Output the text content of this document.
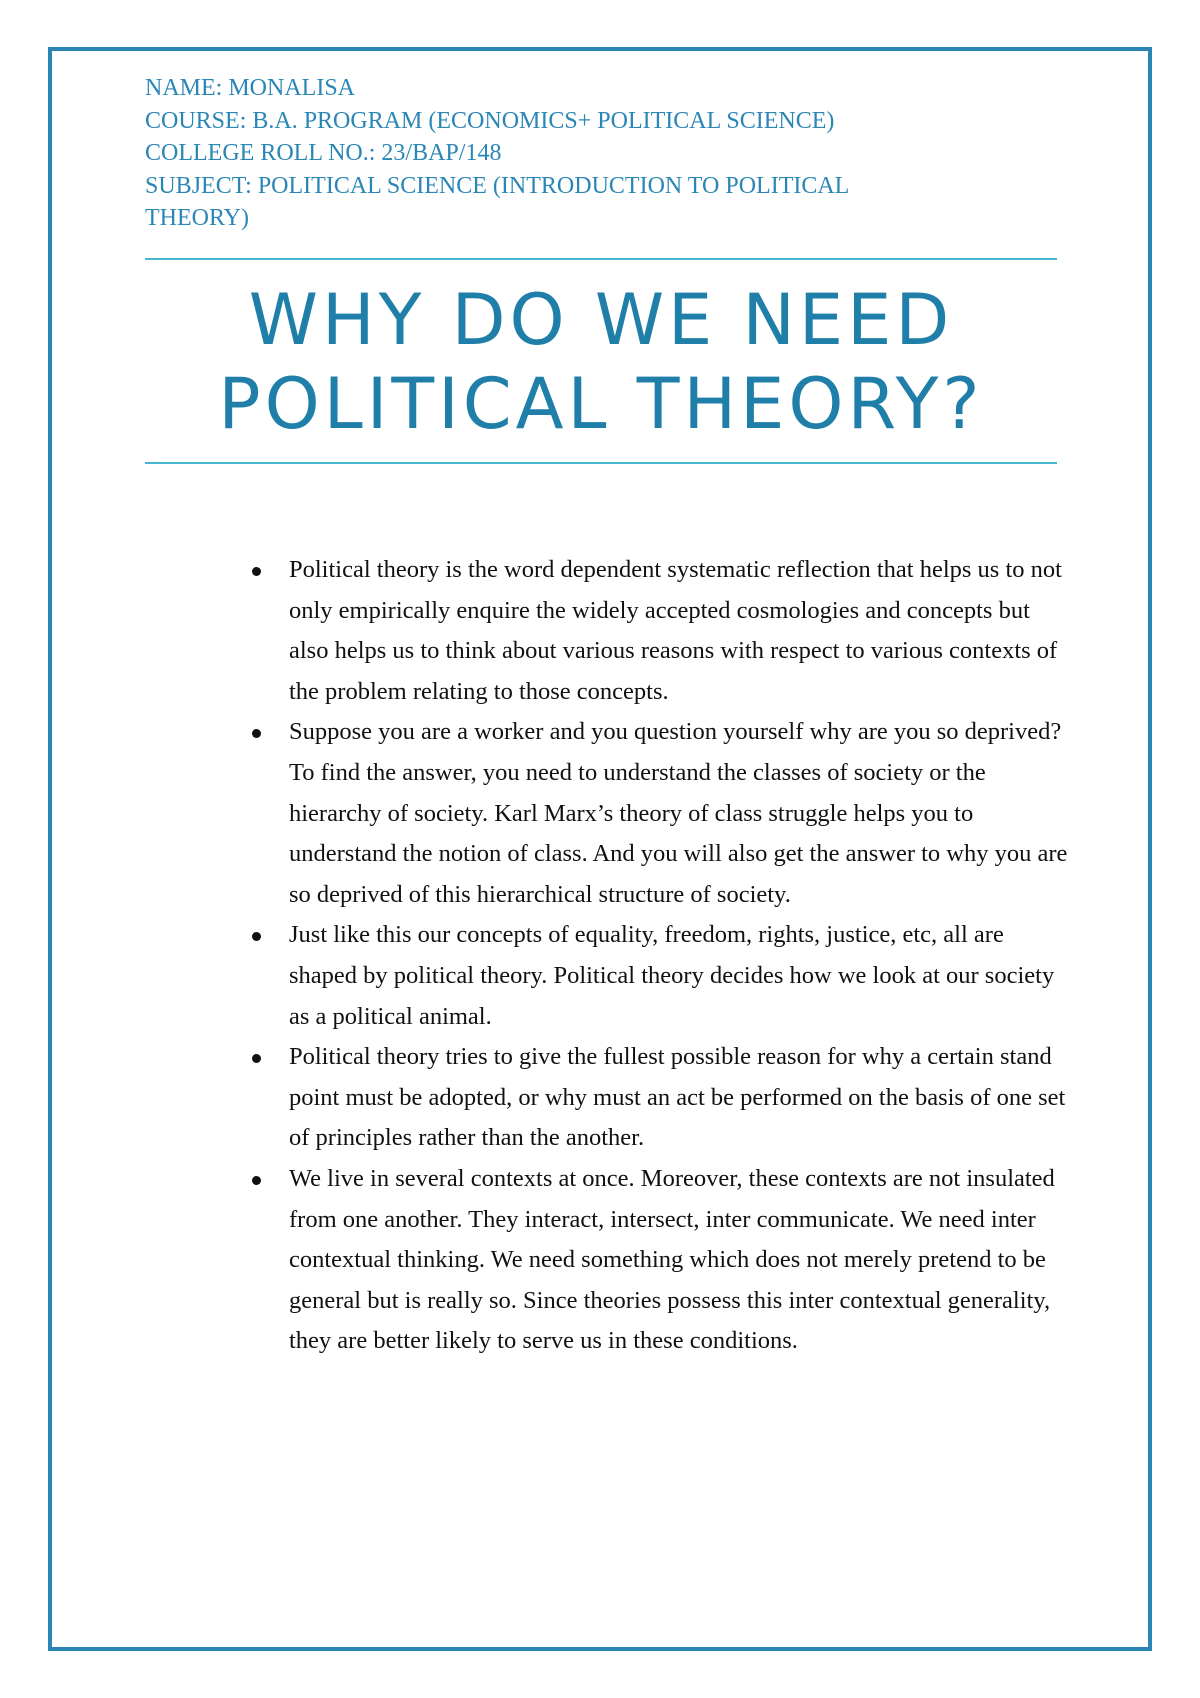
NAME: MONALISA
COURSE: B.A. PROGRAM (ECONOMICS+ POLITICAL SCIENCE)
COLLEGE ROLL NO.: 23/BAP/148
SUBJECT: POLITICAL SCIENCE (INTRODUCTION TO POLITICAL
THEORY)
WHY DO WE NEED
POLITICAL THEORY?
Political theory is the word dependent systematic reflection that helps us to not only empirically enquire the widely accepted cosmologies and concepts but also helps us to think about various reasons with respect to various contexts of the problem relating to those concepts.
Suppose you are a worker and you question yourself why are you so deprived? To find the answer, you need to understand the classes of society or the hierarchy of society. Karl Marx’s theory of class struggle helps you to understand the notion of class. And you will also get the answer to why you are so deprived of this hierarchical structure of society.
Just like this our concepts of equality, freedom, rights, justice, etc, all are shaped by political theory. Political theory decides how we look at our society as a political animal.
Political theory tries to give the fullest possible reason for why a certain stand point must be adopted, or why must an act be performed on the basis of one set of principles rather than the another.
We live in several contexts at once. Moreover, these contexts are not insulated from one another. They interact, intersect, inter communicate. We need inter contextual thinking. We need something which does not merely pretend to be general but is really so. Since theories possess this inter contextual generality, they are better likely to serve us in these conditions.
